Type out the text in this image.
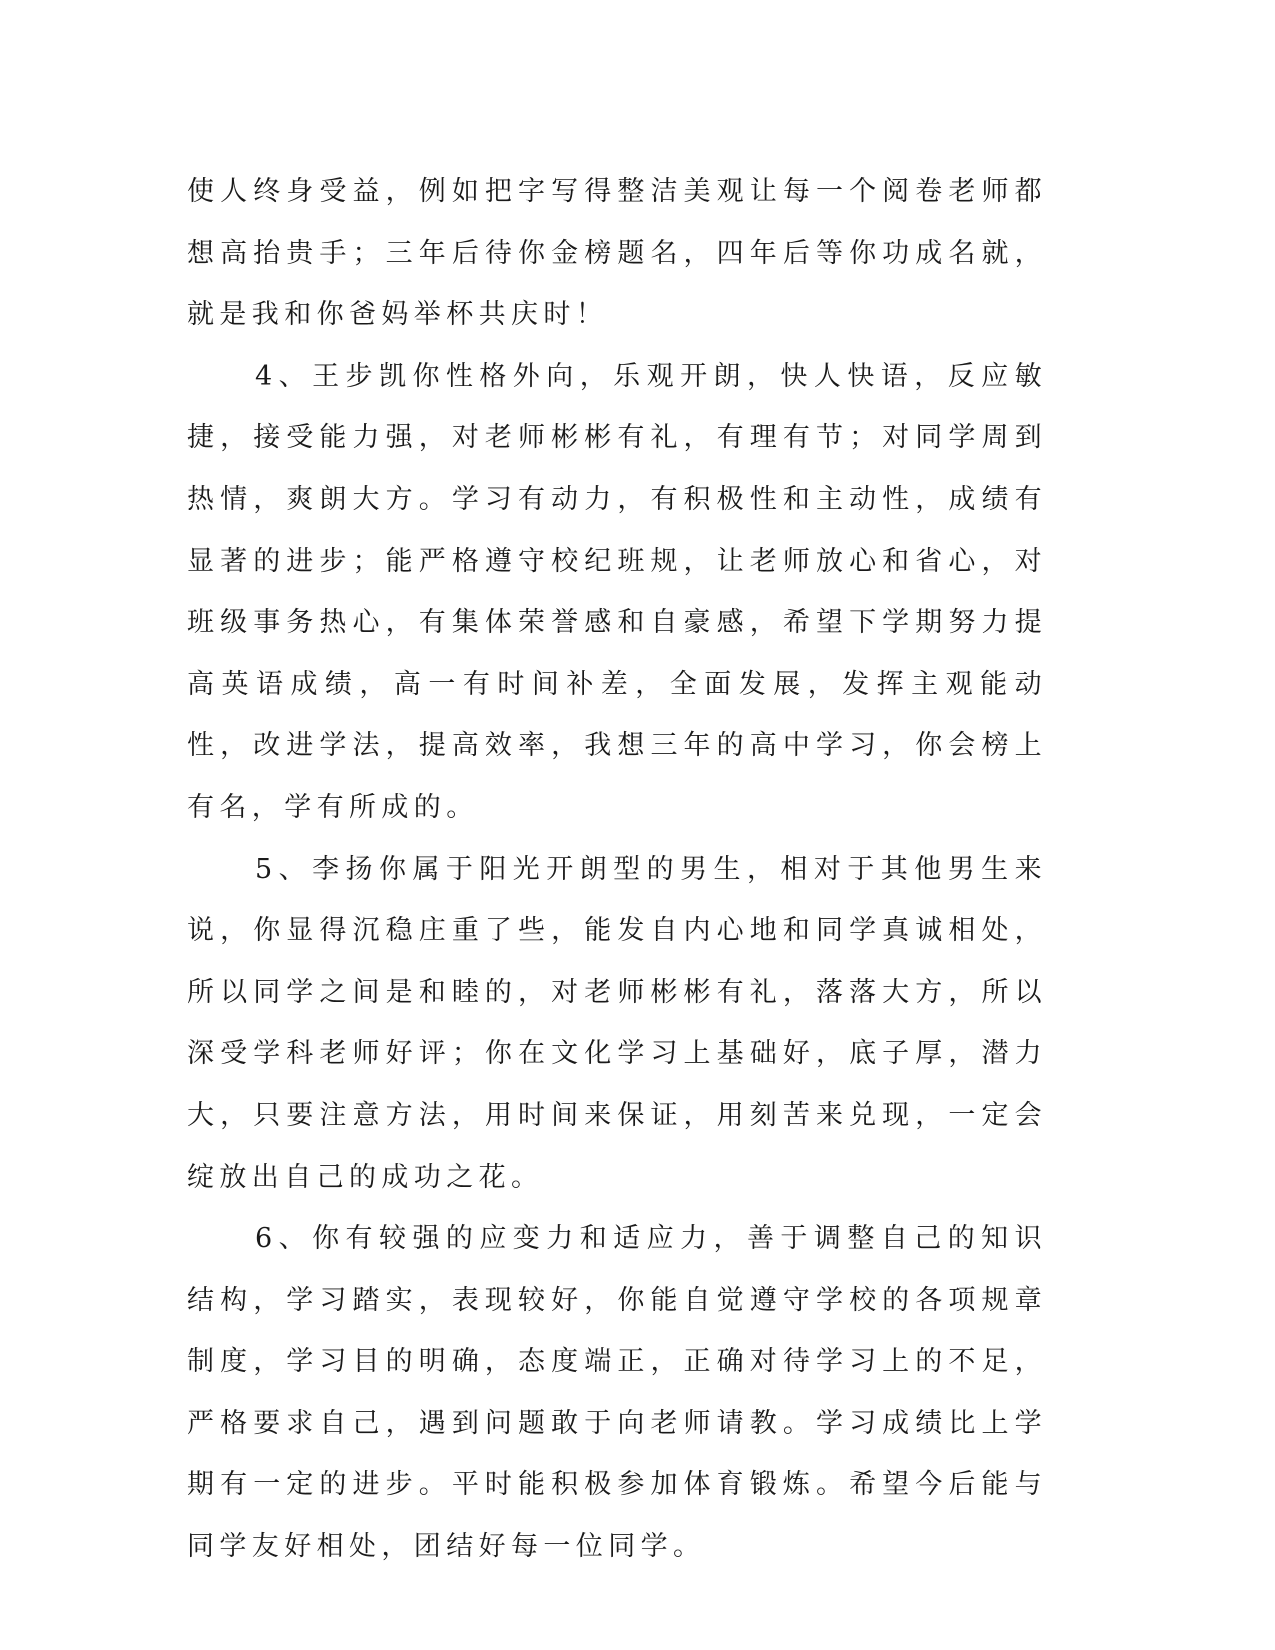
使人终身受益，例如把字写得整洁美观让每一个阅卷老师都想高抬贵手；三年后待你金榜题名，四年后等你功成名就，就是我和你爸妈举杯共庆时！

4、王步凯你性格外向，乐观开朗，快人快语，反应敏捷，接受能力强，对老师彬彬有礼，有理有节；对同学周到热情，爽朗大方。学习有动力，有积极性和主动性，成绩有显著的进步；能严格遵守校纪班规，让老师放心和省心，对班级事务热心，有集体荣誉感和自豪感，希望下学期努力提高英语成绩，高一有时间补差，全面发展，发挥主观能动性，改进学法，提高效率，我想三年的高中学习，你会榜上有名，学有所成的。

5、李扬你属于阳光开朗型的男生，相对于其他男生来说，你显得沉稳庄重了些，能发自内心地和同学真诚相处，所以同学之间是和睦的，对老师彬彬有礼，落落大方，所以深受学科老师好评；你在文化学习上基础好，底子厚，潜力大，只要注意方法，用时间来保证，用刻苦来兑现，一定会绽放出自己的成功之花。

6、你有较强的应变力和适应力，善于调整自己的知识结构，学习踏实，表现较好，你能自觉遵守学校的各项规章制度，学习目的明确，态度端正，正确对待学习上的不足，严格要求自己，遇到问题敢于向老师请教。学习成绩比上学期有一定的进步。平时能积极参加体育锻炼。希望今后能与同学友好相处，团结好每一位同学。
